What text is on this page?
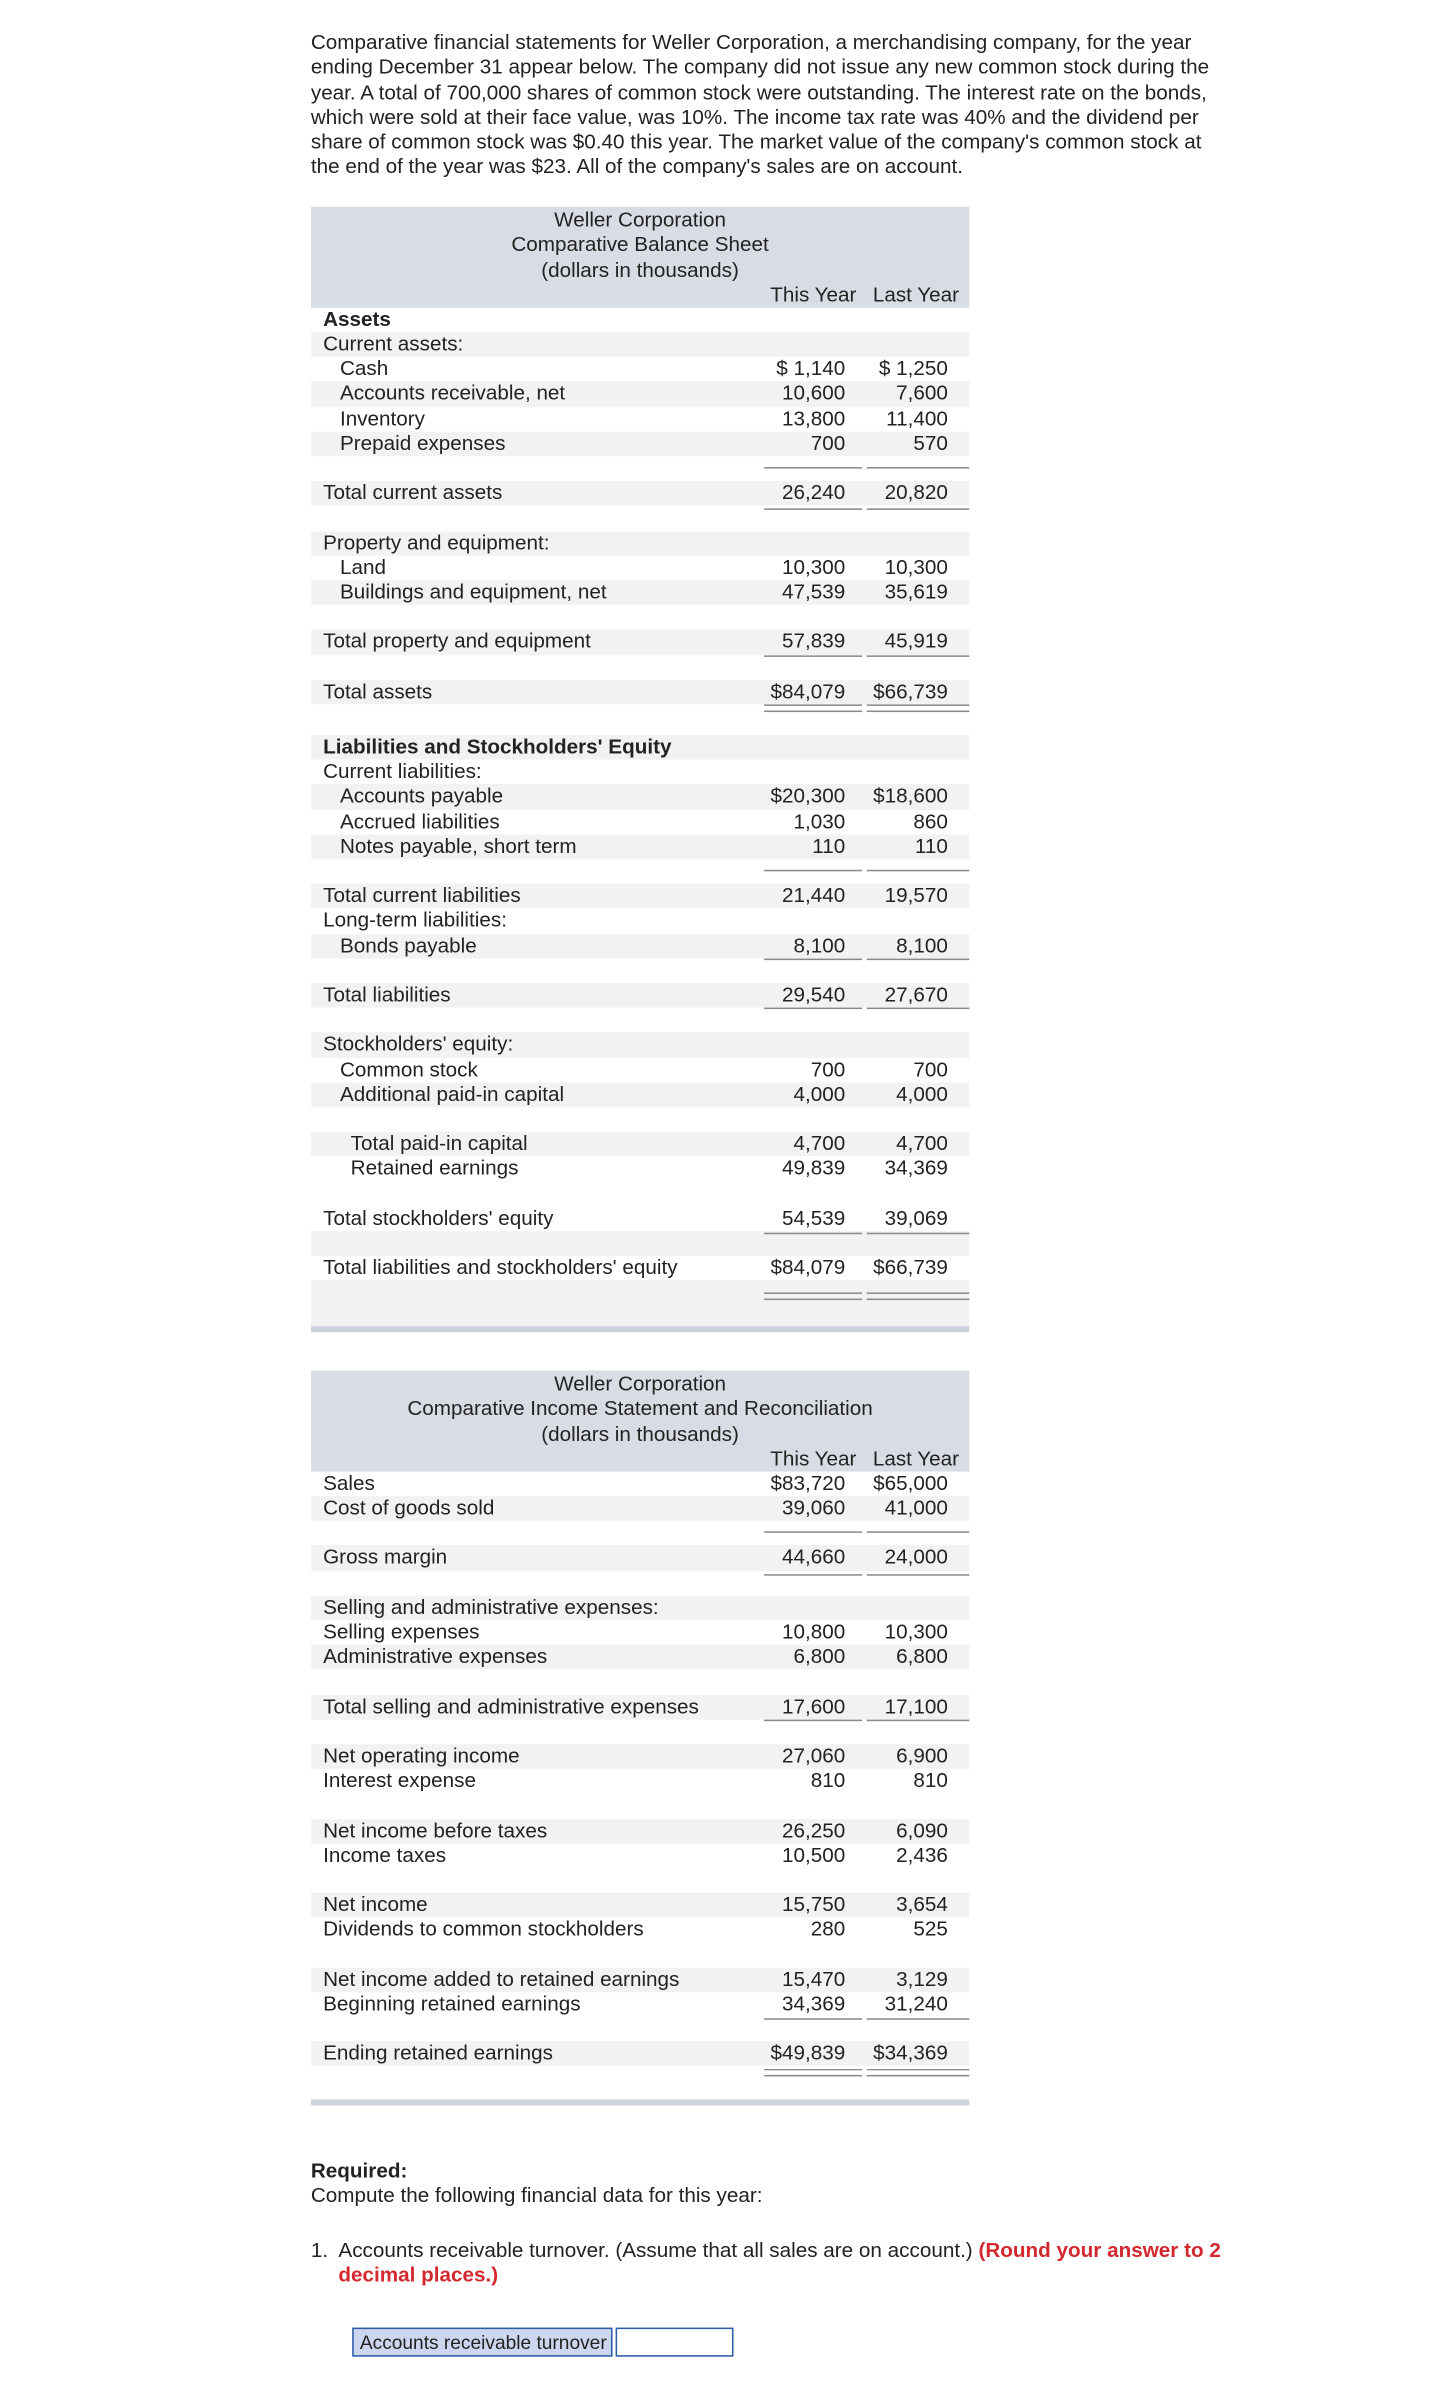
Comparative financial statements for Weller Corporation, a merchandising company, for the year ending December 31 appear below. The company did not issue any new common stock during the year. A total of 700,000 shares of common stock were outstanding. The interest rate on the bonds, which were sold at their face value, was 10%. The income tax rate was 40% and the dividend per share of common stock was $0.40 this year. The market value of the company's common stock at the end of the year was $23. All of the company's sales are on account.
Weller Corporation
Comparative Balance Sheet
(dollars in thousands)
This Year Last Year
Assets
Current assets:
Cash	$ 1,140 $ 1,250
Accounts receivable, net	10,600	7,600
Inventory	13,800	11,400
Prepaid expenses	700	570
Total current assets	26,240	20,820
Property and equipment:
Land	10,300	10,300
Buildings and equipment, net	47,539	35,619
Total property and equipment	57,839	45,919
Total assets	$84,079 $66,739
Liabilities and Stockholders' Equity
Current liabilities:
Accounts payable	$20,300 $18,600
Accrued liabilities	1,030	860
Notes payable, short term	110	110
Total current liabilities	21,440	19,570
Long-term liabilities:
Bonds payable	8,100	8,100
Total liabilities	29,540	27,670
Stockholders' equity:
Common stock	700	700
Additional paid-in capital	4,000	4,000
Total paid-in capital	4,700	4,700
Retained earnings	49,839	34,369
Total stockholders' equity	54,539	39,069
Total liabilities and stockholders' equity	$84,079 $66,739
Weller Corporation
Comparative Income Statement and Reconciliation
(dollars in thousands)
This Year Last Year
Sales	$83,720 $65,000
Cost of goods sold	39,060	41,000
Gross margin	44,660	24,000
Selling and administrative expenses:
Selling expenses	10,800	10,300
Administrative expenses	6,800	6,800
Total selling and administrative expenses	17,600	17,100
Net operating income	27,060	6,900
Interest expense	810	810
Net income before taxes	26,250	6,090
Income taxes	10,500	2,436
Net income	15,750	3,654
Dividends to common stockholders	280	525
Net income added to retained earnings	15,470	3,129
Beginning retained earnings	34,369	31,240
Ending retained earnings	$49,839 $34,369
Required:
Compute the following financial data for this year:
1. Accounts receivable turnover. (Assume that all sales are on account.) (Round your answer to 2 decimal places.)
Accounts receivable turnover
